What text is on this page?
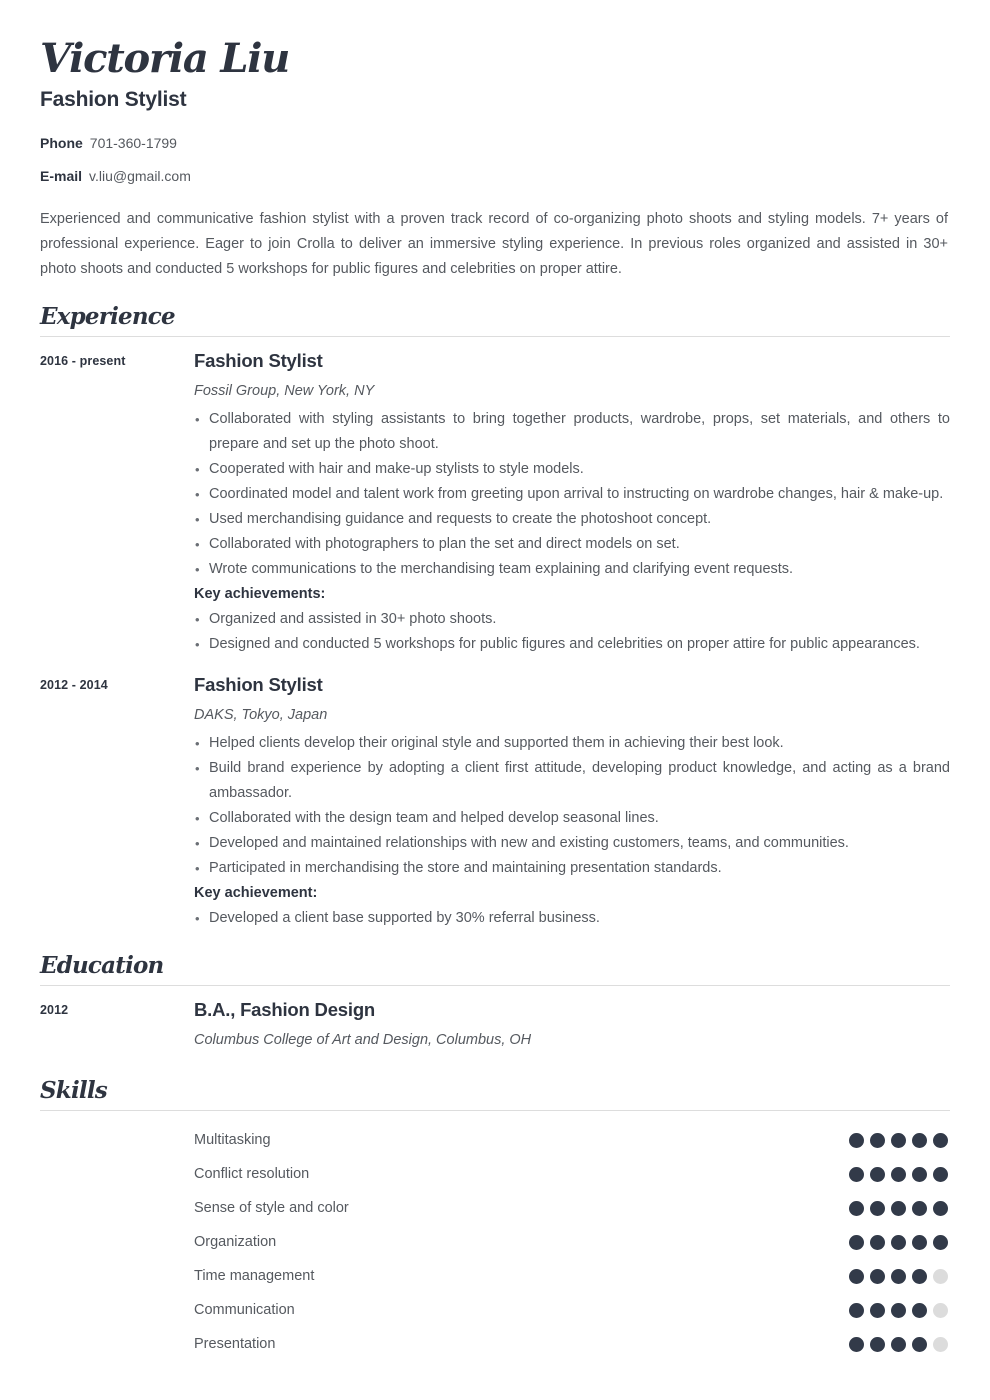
Victoria Liu
Fashion Stylist
Phone 701-360-1799
E-mail v.liu@gmail.com

Experienced and communicative fashion stylist with a proven track record of co-organizing photo shoots and styling models. 7+ years of professional experience. Eager to join Crolla to deliver an immersive styling experience. In previous roles organized and assisted in 30+ photo shoots and conducted 5 workshops for public figures and celebrities on proper attire.

Experience
2016 - present	Fashion Stylist
Fossil Group, New York, NY
• Collaborated with styling assistants to bring together products, wardrobe, props, set materials, and others to prepare and set up the photo shoot.
• Cooperated with hair and make-up stylists to style models.
• Coordinated model and talent work from greeting upon arrival to instructing on wardrobe changes, hair & make-up.
• Used merchandising guidance and requests to create the photoshoot concept.
• Collaborated with photographers to plan the set and direct models on set.
• Wrote communications to the merchandising team explaining and clarifying event requests.
Key achievements:
• Organized and assisted in 30+ photo shoots.
• Designed and conducted 5 workshops for public figures and celebrities on proper attire for public appearances.
2012 - 2014	Fashion Stylist
DAKS, Tokyo, Japan
• Helped clients develop their original style and supported them in achieving their best look.
• Build brand experience by adopting a client first attitude, developing product knowledge, and acting as a brand ambassador.
• Collaborated with the design team and helped develop seasonal lines.
• Developed and maintained relationships with new and existing customers, teams, and communities.
• Participated in merchandising the store and maintaining presentation standards.
Key achievement:
• Developed a client base supported by 30% referral business.
Education
2012	B.A., Fashion Design
Columbus College of Art and Design, Columbus, OH
Skills
Multitasking
Conflict resolution
Sense of style and color
Organization
Time management
Communication
Presentation
